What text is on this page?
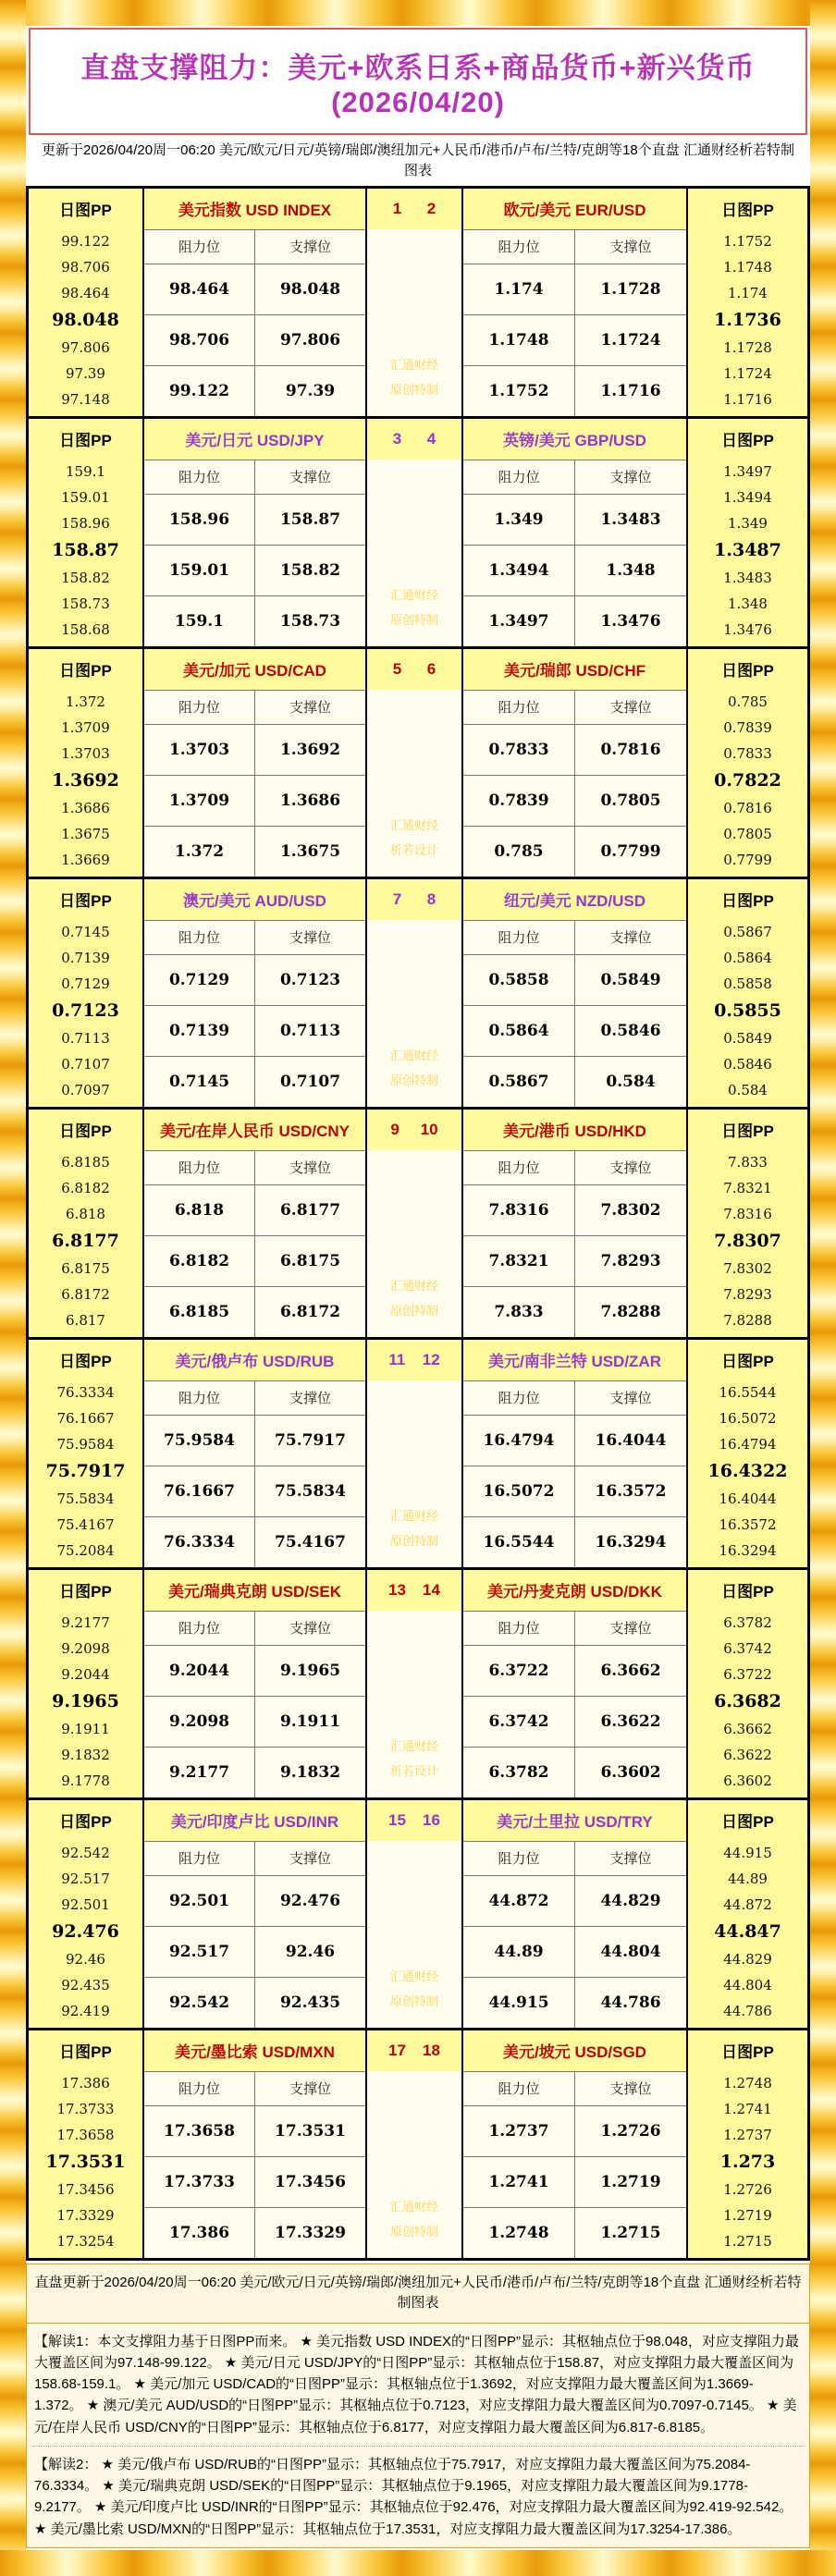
直盘支撑阻力：美元+欧系日系+商品货币+新兴货币(2026/04/20)
更新于2026/04/20周一06:20 美元/欧元/日元/英镑/瑞郎/澳纽加元+人民币/港币/卢布/兰特/克朗等18个直盘 汇通财经析若特制图表
日图PP
99.122
98.706
98.464
98.048
97.806
97.39
97.148
美元指数 USD INDEX
阻力位	支撑位
98.464	98.048
98.706	97.806
99.122	97.39
1 2
汇通财经
原创特制
欧元/美元 EUR/USD
阻力位	支撑位
1.174	1.1728
1.1748	1.1724
1.1752	1.1716
日图PP
1.1752
1.1748
1.174
1.1736
1.1728
1.1724
1.1716
日图PP
159.1
159.01
158.96
158.87
158.82
158.73
158.68
美元/日元 USD/JPY
阻力位	支撑位
158.96	158.87
159.01	158.82
159.1	158.73
3 4
汇通财经
原创特制
英镑/美元 GBP/USD
阻力位	支撑位
1.349	1.3483
1.3494	1.348
1.3497	1.3476
日图PP
1.3497
1.3494
1.349
1.3487
1.3483
1.348
1.3476
日图PP
1.372
1.3709
1.3703
1.3692
1.3686
1.3675
1.3669
美元/加元 USD/CAD
阻力位	支撑位
1.3703	1.3692
1.3709	1.3686
1.372	1.3675
5 6
汇通财经
析若设计
美元/瑞郎 USD/CHF
阻力位	支撑位
0.7833	0.7816
0.7839	0.7805
0.785	0.7799
日图PP
0.785
0.7839
0.7833
0.7822
0.7816
0.7805
0.7799
日图PP
0.7145
0.7139
0.7129
0.7123
0.7113
0.7107
0.7097
澳元/美元 AUD/USD
阻力位	支撑位
0.7129	0.7123
0.7139	0.7113
0.7145	0.7107
7 8
汇通财经
原创特制
纽元/美元 NZD/USD
阻力位	支撑位
0.5858	0.5849
0.5864	0.5846
0.5867	0.584
日图PP
0.5867
0.5864
0.5858
0.5855
0.5849
0.5846
0.584
日图PP
6.8185
6.8182
6.818
6.8177
6.8175
6.8172
6.817
美元/在岸人民币 USD/CNY
阻力位	支撑位
6.818	6.8177
6.8182	6.8175
6.8185	6.8172
9 10
汇通财经
原创特制
美元/港币 USD/HKD
阻力位	支撑位
7.8316	7.8302
7.8321	7.8293
7.833	7.8288
日图PP
7.833
7.8321
7.8316
7.8307
7.8302
7.8293
7.8288
日图PP
76.3334
76.1667
75.9584
75.7917
75.5834
75.4167
75.2084
美元/俄卢布 USD/RUB
阻力位	支撑位
75.9584	75.7917
76.1667	75.5834
76.3334	75.4167
11 12
汇通财经
原创特制
美元/南非兰特 USD/ZAR
阻力位	支撑位
16.4794	16.4044
16.5072	16.3572
16.5544	16.3294
日图PP
16.5544
16.5072
16.4794
16.4322
16.4044
16.3572
16.3294
日图PP
9.2177
9.2098
9.2044
9.1965
9.1911
9.1832
9.1778
美元/瑞典克朗 USD/SEK
阻力位	支撑位
9.2044	9.1965
9.2098	9.1911
9.2177	9.1832
13 14
汇通财经
析若设计
美元/丹麦克朗 USD/DKK
阻力位	支撑位
6.3722	6.3662
6.3742	6.3622
6.3782	6.3602
日图PP
6.3782
6.3742
6.3722
6.3682
6.3662
6.3622
6.3602
日图PP
92.542
92.517
92.501
92.476
92.46
92.435
92.419
美元/印度卢比 USD/INR
阻力位	支撑位
92.501	92.476
92.517	92.46
92.542	92.435
15 16
汇通财经
原创特制
美元/土里拉 USD/TRY
阻力位	支撑位
44.872	44.829
44.89	44.804
44.915	44.786
日图PP
44.915
44.89
44.872
44.847
44.829
44.804
44.786
日图PP
17.386
17.3733
17.3658
17.3531
17.3456
17.3329
17.3254
美元/墨比索 USD/MXN
阻力位	支撑位
17.3658	17.3531
17.3733	17.3456
17.386	17.3329
17 18
汇通财经
原创特制
美元/坡元 USD/SGD
阻力位	支撑位
1.2737	1.2726
1.2741	1.2719
1.2748	1.2715
日图PP
1.2748
1.2741
1.2737
1.273
1.2726
1.2719
1.2715
直盘更新于2026/04/20周一06:20 美元/欧元/日元/英镑/瑞郎/澳纽加元+人民币/港币/卢布/兰特/克朗等18个直盘 汇通财经析若特制图表
【解读1：本文支撑阻力基于日图PP而来。 ★ 美元指数 USD INDEX的“日图PP”显示：其枢轴点位于98.048，对应支撑阻力最大覆盖区间为97.148-99.122。 ★ 美元/日元 USD/JPY的“日图PP”显示：其枢轴点位于158.87，对应支撑阻力最大覆盖区间为158.68-159.1。 ★ 美元/加元 USD/CAD的“日图PP”显示：其枢轴点位于1.3692，对应支撑阻力最大覆盖区间为1.3669-1.372。 ★ 澳元/美元 AUD/USD的“日图PP”显示：其枢轴点位于0.7123，对应支撑阻力最大覆盖区间为0.7097-0.7145。 ★ 美元/在岸人民币 USD/CNY的“日图PP”显示：其枢轴点位于6.8177，对应支撑阻力最大覆盖区间为6.817-6.8185。
【解读2： ★ 美元/俄卢布 USD/RUB的“日图PP”显示：其枢轴点位于75.7917，对应支撑阻力最大覆盖区间为75.2084-76.3334。 ★ 美元/瑞典克朗 USD/SEK的“日图PP”显示：其枢轴点位于9.1965，对应支撑阻力最大覆盖区间为9.1778-9.2177。 ★ 美元/印度卢比 USD/INR的“日图PP”显示：其枢轴点位于92.476，对应支撑阻力最大覆盖区间为92.419-92.542。 ★ 美元/墨比索 USD/MXN的“日图PP”显示：其枢轴点位于17.3531，对应支撑阻力最大覆盖区间为17.3254-17.386。
